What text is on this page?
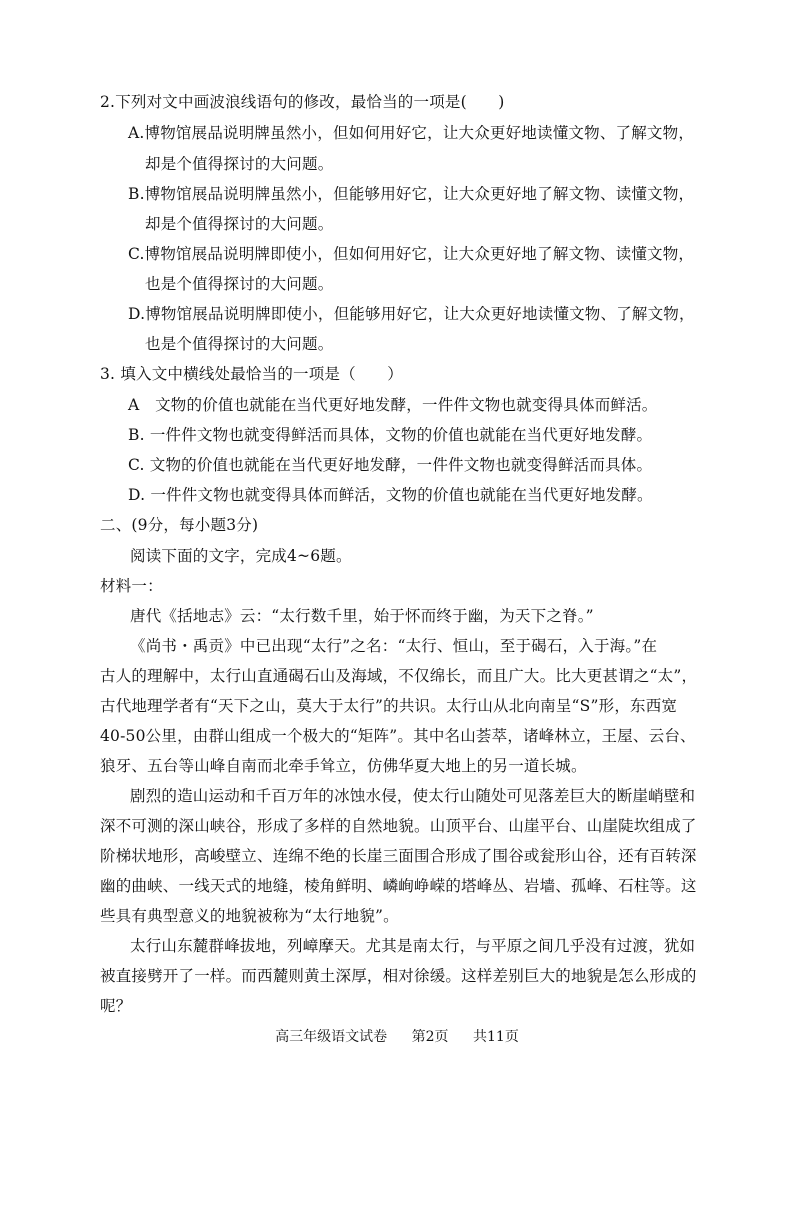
2.下列对文中画波浪线语句的修改，最恰当的一项是(　　)
A.博物馆展品说明牌虽然小，但如何用好它，让大众更好地读懂文物、了解文物，
却是个值得探讨的大问题。
B.博物馆展品说明牌虽然小，但能够用好它，让大众更好地了解文物、读懂文物，
却是个值得探讨的大问题。
C.博物馆展品说明牌即使小，但如何用好它，让大众更好地了解文物、读懂文物，
也是个值得探讨的大问题。
D.博物馆展品说明牌即使小，但能够用好它，让大众更好地读懂文物、了解文物，
也是个值得探讨的大问题。
3. 填入文中横线处最恰当的一项是（　　）
A　文物的价值也就能在当代更好地发酵，一件件文物也就变得具体而鲜活。
B. 一件件文物也就变得鲜活而具体，文物的价值也就能在当代更好地发酵。
C. 文物的价值也就能在当代更好地发酵，一件件文物也就变得鲜活而具体。
D. 一件件文物也就变得具体而鲜活，文物的价值也就能在当代更好地发酵。
二、(9分，每小题3分)
阅读下面的文字，完成4~6题。
材料一：
唐代《括地志》云：“太行数千里，始于怀而终于幽，为天下之脊。”
《尚书・禹贡》中已出现“太行”之名：“太行、恒山，至于碣石，入于海。”在
古人的理解中，太行山直通碣石山及海域，不仅绵长，而且广大。比大更甚谓之“太”，
古代地理学者有“天下之山，莫大于太行”的共识。太行山从北向南呈“S”形，东西宽
40-50公里，由群山组成一个极大的“矩阵”。其中名山荟萃，诸峰林立，王屋、云台、
狼牙、五台等山峰自南而北牵手耸立，仿佛华夏大地上的另一道长城。
剧烈的造山运动和千百万年的冰蚀水侵，使太行山随处可见落差巨大的断崖峭壁和
深不可测的深山峡谷，形成了多样的自然地貌。山顶平台、山崖平台、山崖陡坎组成了
阶梯状地形，高峻壁立、连绵不绝的长崖三面围合形成了围谷或瓮形山谷，还有百转深
幽的曲峡、一线天式的地缝，棱角鲜明、嶙峋峥嵘的塔峰丛、岩墙、孤峰、石柱等。这
些具有典型意义的地貌被称为“太行地貌”。
太行山东麓群峰拔地，列嶂摩天。尤其是南太行，与平原之间几乎没有过渡，犹如
被直接劈开了一样。而西麓则黄土深厚，相对徐缓。这样差别巨大的地貌是怎么形成的
呢？
高三年级语文试卷 第2页 共11页
